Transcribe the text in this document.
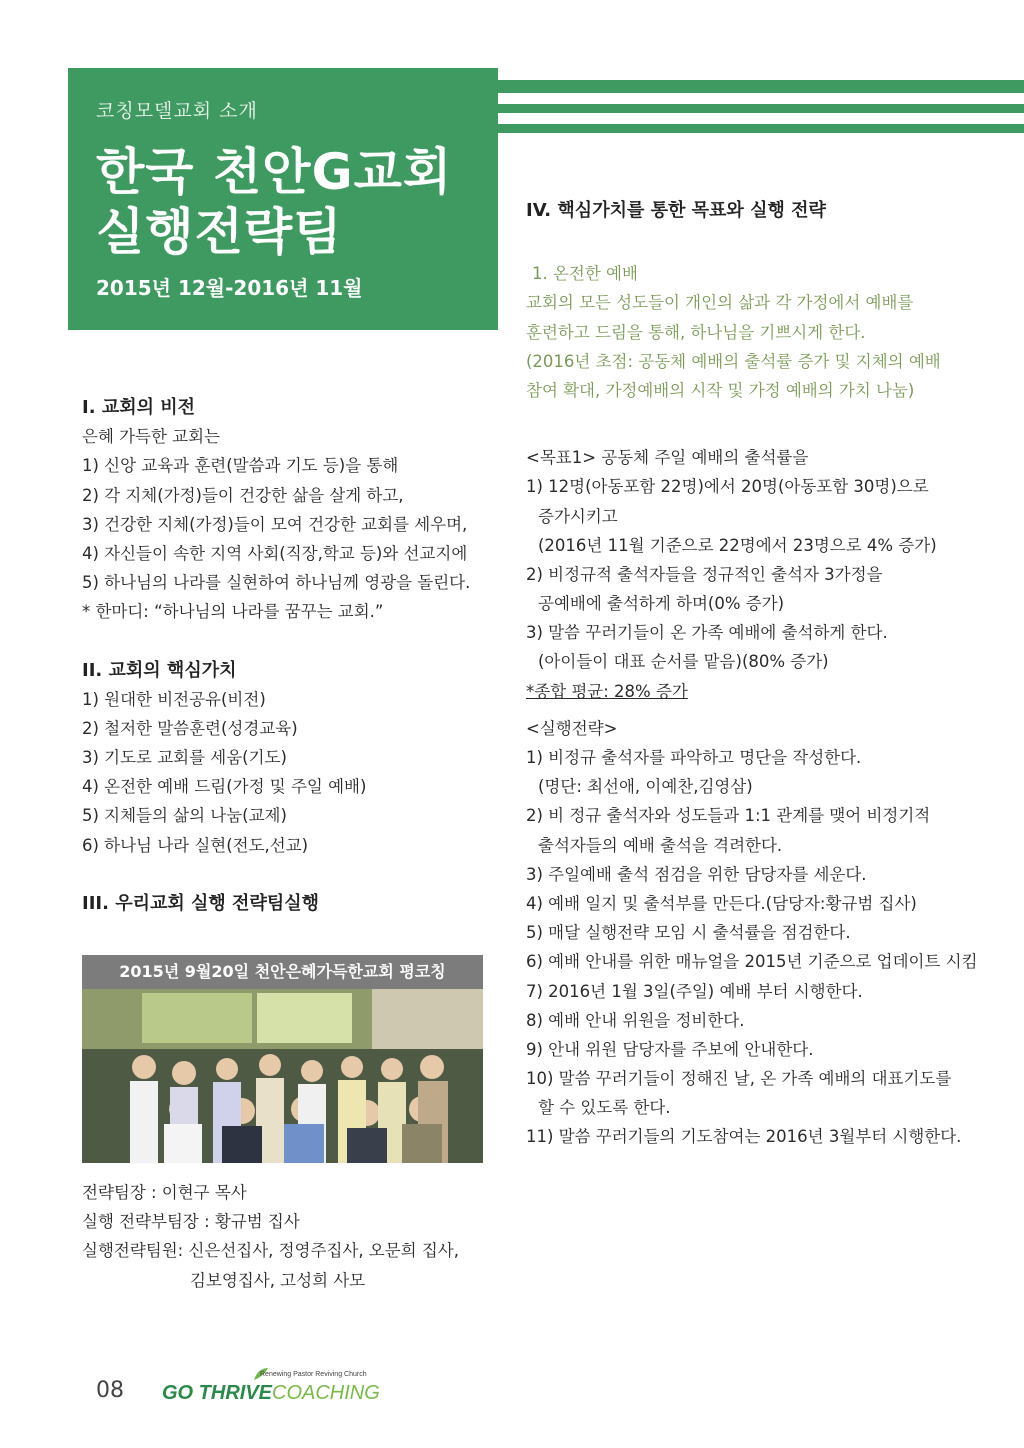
코칭모델교회 소개
한국 천안G교회
실행전략팀
2015년 12월-2016년 11월
I. 교회의 비전
은혜 가득한 교회는
1) 신앙 교육과 훈련(말씀과 기도 등)을 통해
2) 각 지체(가정)들이 건강한 삶을 살게 하고,
3) 건강한 지체(가정)들이 모여 건강한 교회를 세우며,
4) 자신들이 속한 지역 사회(직장,학교 등)와 선교지에
5) 하나님의 나라를 실현하여 하나님께 영광을 돌린다.
* 한마디: “하나님의 나라를 꿈꾸는 교회.”
II. 교회의 핵심가치
1) 원대한 비전공유(비전)
2) 철저한 말씀훈련(성경교육)
3) 기도로 교회를 세움(기도)
4) 온전한 예배 드림(가정 및 주일 예배)
5) 지체들의 삶의 나눔(교제)
6) 하나님 나라 실현(전도,선교)
III. 우리교회 실행 전략팀실행
2015년 9월20일 천안은혜가득한교회 평코칭
전략팀장 : 이현구 목사
실행 전략부팀장 : 황규범 집사
실행전략팀원: 신은선집사, 정영주집사, 오문희 집사,
김보영집사, 고성희 사모
IV. 핵심가치를 통한 목표와 실행 전략
1. 온전한 예배
교회의 모든 성도들이 개인의 삶과 각 가정에서 예배를
훈련하고 드림을 통해, 하나님을 기쁘시게 한다.
(2016년 초점: 공동체 예배의 출석률 증가 및 지체의 예배
참여 확대, 가정예배의 시작 및 가정 예배의 가치 나눔)
<목표1> 공동체 주일 예배의 출석률을
1) 12명(아동포함 22명)에서 20명(아동포함 30명)으로
증가시키고
(2016년 11월 기준으로 22명에서 23명으로 4% 증가)
2) 비정규적 출석자들을 정규적인 출석자 3가정을
공예배에 출석하게 하며(0% 증가)
3) 말씀 꾸러기들이 온 가족 예배에 출석하게 한다.
(아이들이 대표 순서를 맡음)(80% 증가)
*종합 평균: 28% 증가
<실행전략>
1) 비정규 출석자를 파악하고 명단을 작성한다.
(명단: 최선애, 이예찬,김영삼)
2) 비 정규 출석자와 성도들과 1:1 관계를 맺어 비정기적
출석자들의 예배 출석을 격려한다.
3) 주일예배 출석 점검을 위한 담당자를 세운다.
4) 예배 일지 및 출석부를 만든다.(담당자:황규범 집사)
5) 매달 실행전략 모임 시 출석률을 점검한다.
6) 예배 안내를 위한 매뉴얼을 2015년 기준으로 업데이트 시킴
7) 2016년 1월 3일(주일) 예배 부터 시행한다.
8) 예배 안내 위원을 정비한다.
9) 안내 위원 담당자를 주보에 안내한다.
10) 말씀 꾸러기들이 정해진 날, 온 가족 예배의 대표기도를
할 수 있도록 한다.
11) 말씀 꾸러기들의 기도참여는 2016년 3월부터 시행한다.
08
Renewing Pastor Reviving Church
GO THRIVE COACHING
